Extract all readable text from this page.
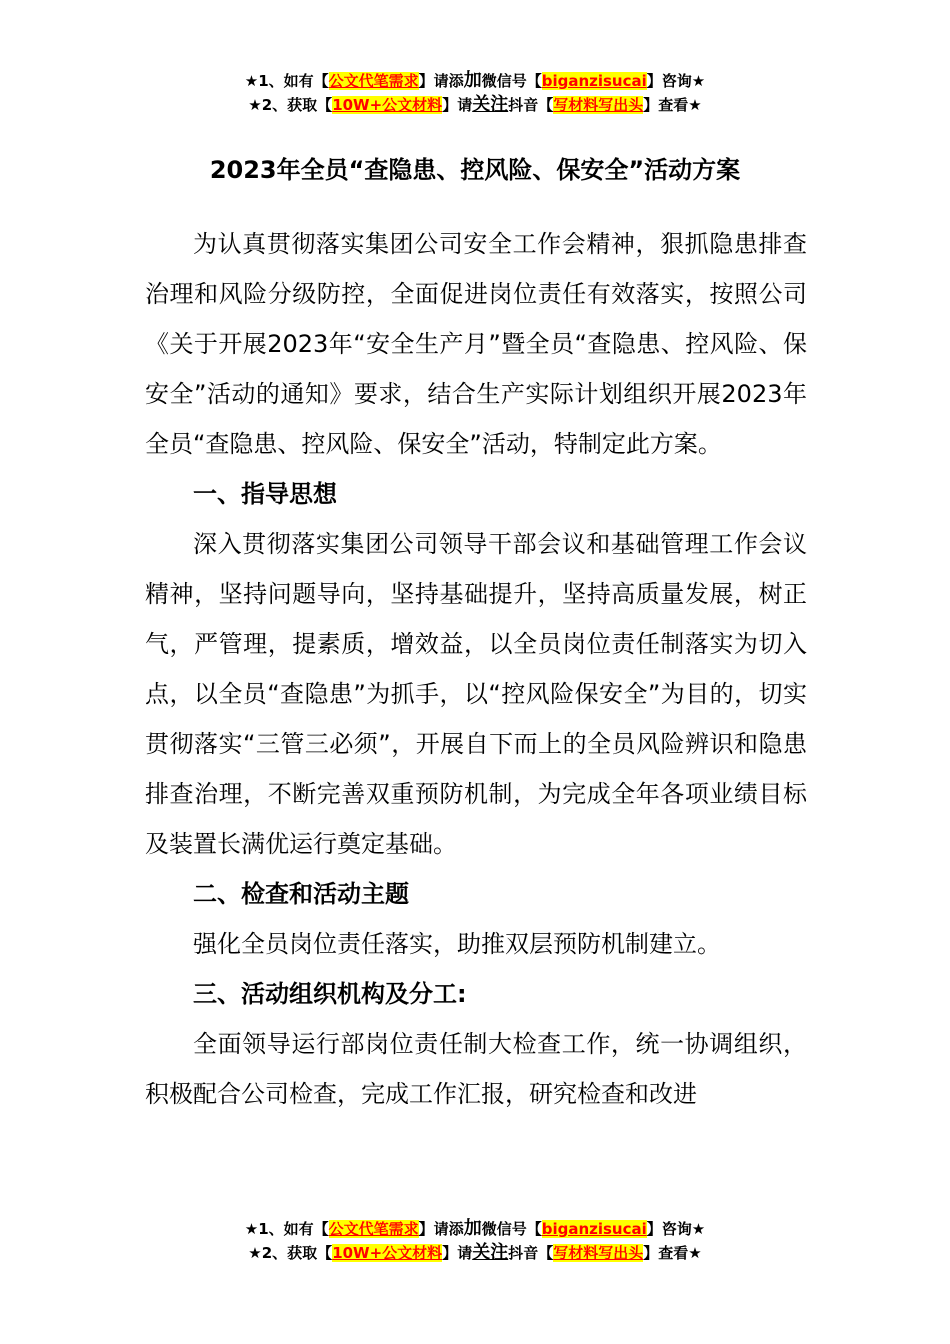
★1、如有【公文代笔需求】请添加微信号【biganzisucai】咨询★
★2、获取【10W+公文材料】请关注抖音【写材料写出头】查看★
2023年全员“查隐患、控风险、保安全”活动方案

为认真贯彻落实集团公司安全工作会精神，狠抓隐患排查治理和风险分级防控，全面促进岗位责任有效落实，按照公司《关于开展2023年“安全生产月”暨全员“查隐患、控风险、保安全”活动的通知》要求，结合生产实际计划组织开展2023年全员“查隐患、控风险、保安全”活动，特制定此方案。

一、指导思想

深入贯彻落实集团公司领导干部会议和基础管理工作会议精神，坚持问题导向，坚持基础提升，坚持高质量发展，树正气，严管理，提素质，增效益，以全员岗位责任制落实为切入点，以全员“查隐患”为抓手，以“控风险保安全”为目的，切实贯彻落实“三管三必须”，开展自下而上的全员风险辨识和隐患排查治理，不断完善双重预防机制，为完成全年各项业绩目标及装置长满优运行奠定基础。

二、检查和活动主题

强化全员岗位责任落实，助推双层预防机制建立。

三、活动组织机构及分工:

全面领导运行部岗位责任制大检查工作，统一协调组织，积极配合公司检查，完成工作汇报，研究检查和改进

★1、如有【公文代笔需求】请添加微信号【biganzisucai】咨询★
★2、获取【10W+公文材料】请关注抖音【写材料写出头】查看★
